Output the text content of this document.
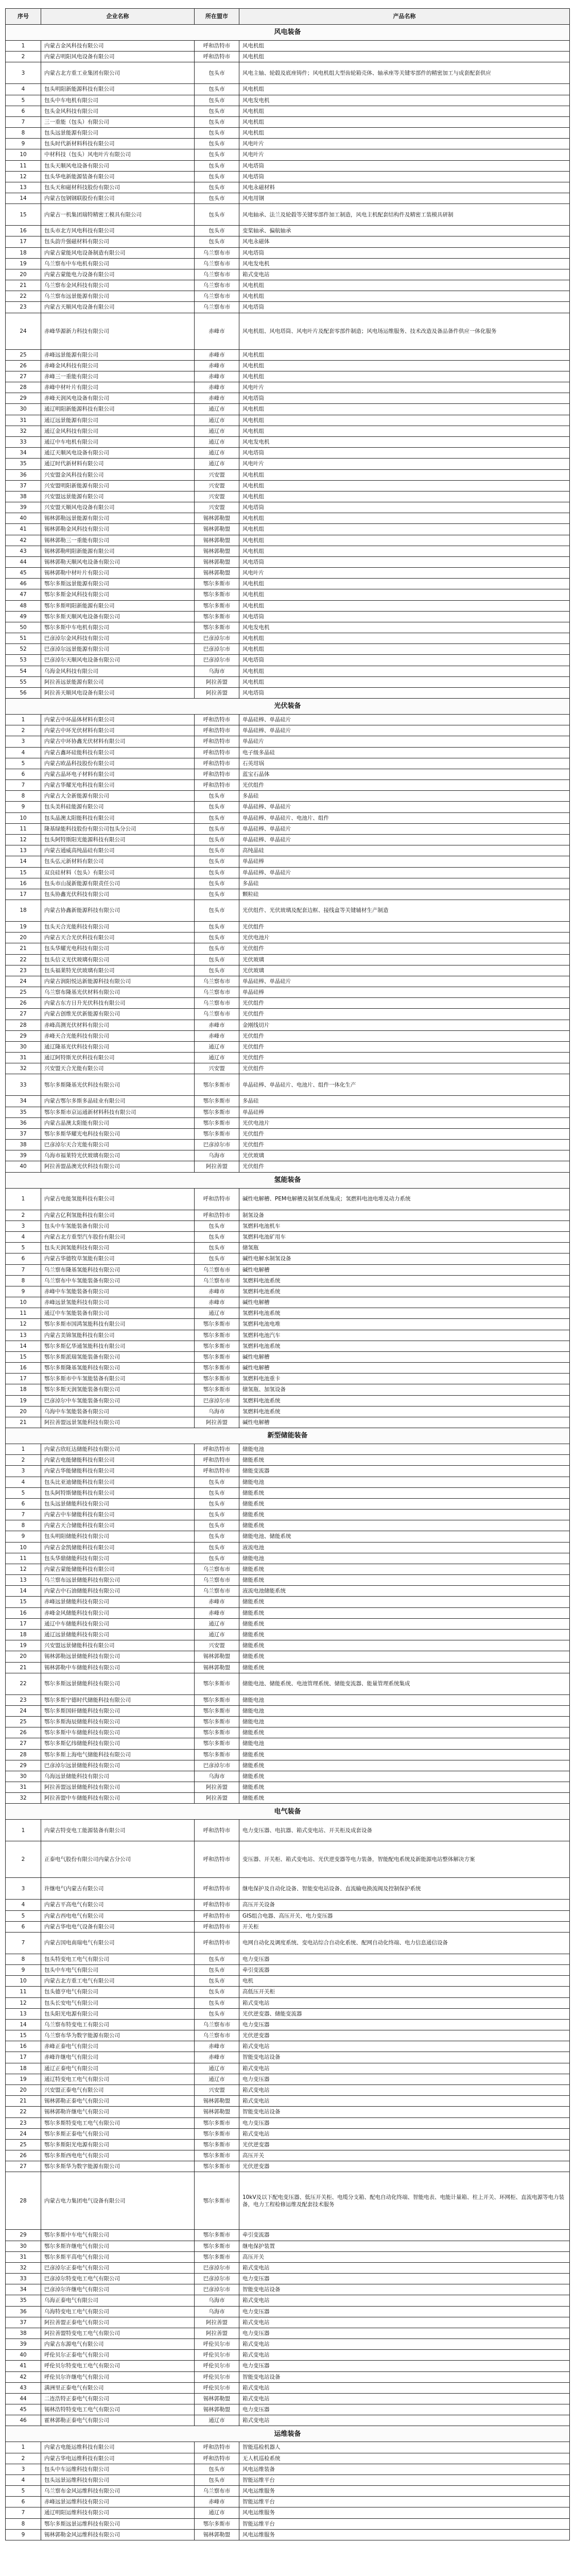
序号	企业名称	所在盟市	产品名称
风电装备			
1	内蒙古金风科技有限公司	呼和浩特市	风电机组
2	内蒙古明阳风电设备有限公司	呼和浩特市	风电机组
3	内蒙古北方重工业集团有限公司	包头市	风电主轴、轮毂及底座铸件；风电机组大型齿轮箱壳体、轴承座等关键零部件的精密加工与成套配套供应
4	包头明阳新能源科技有限公司	包头市	风电机组
5	包头中车电机有限公司	包头市	风电发电机
6	包头金风科技有限公司	包头市	风电机组
7	三一重能（包头）有限公司	包头市	风电机组
8	包头远景能源有限公司	包头市	风电机组
9	包头时代新材料科技有限公司	包头市	风电叶片
10	中材科技（包头）风电叶片有限公司	包头市	风电叶片
11	包头天顺风电设备有限公司	包头市	风电塔筒
12	包头华电新能源装备有限公司	包头市	风电塔筒
13	包头天和磁材科技股份有限公司	包头市	风电永磁材料
14	内蒙古包钢钢联股份有限公司	包头市	风电用钢
15	内蒙古一机集团瑞特精密工模具有限公司	包头市	风电轴承、法兰及轮毂等关键零部件加工制造，风电主机配套结构件及精密工装模具研制
16	包头市北方风电科技有限公司	包头市	变桨轴承、偏航轴承
17	包头韵升强磁材料有限公司	包头市	风电永磁体
18	内蒙古蒙能风电设备制造有限公司	乌兰察布市	风电塔筒
19	乌兰察布中车电机有限公司	乌兰察布市	风电发电机
20	内蒙古蒙能电力设备有限公司	乌兰察布市	箱式变电站
21	乌兰察布金风科技有限公司	乌兰察布市	风电机组
22	乌兰察布远景能源有限公司	乌兰察布市	风电机组
23	内蒙古天顺风电设备有限公司	乌兰察布市	风电塔筒
24	赤峰华源新力科技有限公司	赤峰市	风电机组、风电塔筒、风电叶片及配套零部件制造；风电场运维服务、技术改造及备品备件供应一体化服务
25	赤峰远景能源有限公司	赤峰市	风电机组
26	赤峰金风科技有限公司	赤峰市	风电机组
27	赤峰三一重能有限公司	赤峰市	风电机组
28	赤峰中材叶片有限公司	赤峰市	风电叶片
29	赤峰天润风电设备有限公司	赤峰市	风电塔筒
30	通辽明阳新能源科技有限公司	通辽市	风电机组
31	通辽远景能源有限公司	通辽市	风电机组
32	通辽金风科技有限公司	通辽市	风电机组
33	通辽中车电机有限公司	通辽市	风电发电机
34	通辽天顺风电设备有限公司	通辽市	风电塔筒
35	通辽时代新材料有限公司	通辽市	风电叶片
36	兴安盟金风科技有限公司	兴安盟	风电机组
37	兴安盟明阳新能源有限公司	兴安盟	风电机组
38	兴安盟远景能源有限公司	兴安盟	风电机组
39	兴安盟天顺风电设备有限公司	兴安盟	风电塔筒
40	锡林郭勒远景能源有限公司	锡林郭勒盟	风电机组
41	锡林郭勒金风科技有限公司	锡林郭勒盟	风电机组
42	锡林郭勒三一重能有限公司	锡林郭勒盟	风电机组
43	锡林郭勒明阳新能源有限公司	锡林郭勒盟	风电机组
44	锡林郭勒天顺风电设备有限公司	锡林郭勒盟	风电塔筒
45	锡林郭勒中材叶片有限公司	锡林郭勒盟	风电叶片
46	鄂尔多斯远景能源有限公司	鄂尔多斯市	风电机组
47	鄂尔多斯金风科技有限公司	鄂尔多斯市	风电机组
48	鄂尔多斯明阳新能源有限公司	鄂尔多斯市	风电机组
49	鄂尔多斯天顺风电设备有限公司	鄂尔多斯市	风电塔筒
50	鄂尔多斯中车电机有限公司	鄂尔多斯市	风电发电机
51	巴彦淖尔金风科技有限公司	巴彦淖尔市	风电机组
52	巴彦淖尔远景能源有限公司	巴彦淖尔市	风电机组
53	巴彦淖尔天顺风电设备有限公司	巴彦淖尔市	风电塔筒
54	乌海金风科技有限公司	乌海市	风电机组
55	阿拉善远景能源有限公司	阿拉善盟	风电机组
56	阿拉善天顺风电设备有限公司	阿拉善盟	风电塔筒
光伏装备			
1	内蒙古中环晶体材料有限公司	呼和浩特市	单晶硅棒、单晶硅片
2	内蒙古中环光伏材料有限公司	呼和浩特市	单晶硅棒、单晶硅片
3	内蒙古中环协鑫光伏材料有限公司	呼和浩特市	单晶硅片
4	内蒙古鑫环硅能科技有限公司	呼和浩特市	电子级多晶硅
5	内蒙古欧晶科技股份有限公司	呼和浩特市	石英坩埚
6	内蒙古晶环电子材料有限公司	呼和浩特市	蓝宝石晶体
7	内蒙古华耀光电科技有限公司	呼和浩特市	光伏组件
8	内蒙古大全新能源有限公司	包头市	多晶硅
9	包头美科硅能源有限公司	包头市	单晶硅棒、单晶硅片
10	包头晶澳太阳能科技有限公司	包头市	单晶硅棒、单晶硅片、电池片、组件
11	隆基绿能科技股份有限公司包头分公司	包头市	单晶硅棒、单晶硅片
12	包头阿特斯阳光能源科技有限公司	包头市	单晶硅棒、单晶硅片
13	内蒙古通威高纯晶硅有限公司	包头市	高纯晶硅
14	包头弘元新材料有限公司	包头市	单晶硅棒
15	双良硅材料（包头）有限公司	包头市	单晶硅棒、单晶硅片
16	包头市山晟新能源有限责任公司	包头市	多晶硅
17	包头协鑫光伏科技有限公司	包头市	颗粒硅
18	内蒙古协鑫新能源科技有限公司	包头市	光伏组件、光伏玻璃及配套边框、接线盒等关键辅材生产制造
19	包头天合光能科技有限公司	包头市	光伏组件
20	内蒙古天合光伏科技有限公司	包头市	光伏电池片
21	包头华耀光电科技有限公司	包头市	光伏组件
22	包头信义光伏玻璃有限公司	包头市	光伏玻璃
23	包头福莱特光伏玻璃有限公司	包头市	光伏玻璃
24	内蒙古润阳悦达新能源科技有限公司	乌兰察布市	单晶硅棒、单晶硅片
25	乌兰察布隆基光伏材料有限公司	乌兰察布市	单晶硅棒
26	内蒙古东方日升光伏科技有限公司	乌兰察布市	光伏组件
27	内蒙古创维光伏新能源有限公司	乌兰察布市	光伏组件
28	赤峰高测光伏材料有限公司	赤峰市	金刚线切片
29	赤峰天合光能科技有限公司	赤峰市	光伏组件
30	通辽隆基光伏科技有限公司	通辽市	光伏组件
31	通辽阿特斯光伏科技有限公司	通辽市	光伏组件
32	兴安盟天合光能有限公司	兴安盟	光伏组件
33	鄂尔多斯隆基光伏科技有限公司	鄂尔多斯市	单晶硅棒、单晶硅片、电池片、组件一体化生产
34	内蒙古鄂尔多斯多晶硅业有限公司	鄂尔多斯市	多晶硅
35	鄂尔多斯市京运通新材料科技有限公司	鄂尔多斯市	单晶硅棒
36	内蒙古晶澳太阳能有限公司	鄂尔多斯市	光伏电池片
37	鄂尔多斯华耀光电科技有限公司	鄂尔多斯市	光伏组件
38	巴彦淖尔天合光能有限公司	巴彦淖尔市	光伏组件
39	乌海市福莱特光伏玻璃有限公司	乌海市	光伏玻璃
40	阿拉善盟晶澳光伏科技有限公司	阿拉善盟	光伏组件
氢能装备			
1	内蒙古电能氢能科技有限公司	呼和浩特市	碱性电解槽、PEM电解槽及制氢系统集成；氢燃料电池电堆及动力系统
2	内蒙古亿利氢能科技有限公司	呼和浩特市	制氢设备
3	包头中车氢能装备有限公司	包头市	氢燃料电池机车
4	内蒙古北方重型汽车股份有限公司	包头市	氢燃料电池矿用车
5	包头天润氢能科技有限公司	包头市	储氢瓶
6	内蒙古华德牧草氢能有限公司	包头市	碱性电解水制氢设备
7	乌兰察布隆基氢能科技有限公司	乌兰察布市	碱性电解槽
8	乌兰察布中车氢能装备有限公司	乌兰察布市	氢燃料电池系统
9	赤峰中车氢能装备有限公司	赤峰市	氢燃料电池系统
10	赤峰远景氢能科技有限公司	赤峰市	碱性电解槽
11	通辽中车氢能装备有限公司	通辽市	氢燃料电池系统
12	鄂尔多斯市国鸿氢能科技有限公司	鄂尔多斯市	氢燃料电池电堆
13	内蒙古美锦氢能科技有限公司	鄂尔多斯市	氢燃料电池汽车
14	鄂尔多斯亿华通氢能科技有限公司	鄂尔多斯市	氢燃料电池系统
15	鄂尔多斯派瑞氢能装备有限公司	鄂尔多斯市	碱性电解槽
16	鄂尔多斯隆基氢能科技有限公司	鄂尔多斯市	碱性电解槽
17	鄂尔多斯市中车氢能装备有限公司	鄂尔多斯市	氢燃料电池重卡
18	鄂尔多斯天润氢能装备有限公司	鄂尔多斯市	储氢瓶、加氢设备
19	巴彦淖尔中车氢能装备有限公司	巴彦淖尔市	氢燃料电池系统
20	乌海中车氢能装备有限公司	乌海市	氢燃料电池系统
21	阿拉善盟远景氢能科技有限公司	阿拉善盟	碱性电解槽
新型储能装备			
1	内蒙古欣旺达储能科技有限公司	呼和浩特市	储能电池
2	内蒙古电能储能科技有限公司	呼和浩特市	储能系统
3	内蒙古华能储能科技有限公司	呼和浩特市	储能变流器
4	包头比亚迪储能科技有限公司	包头市	储能电池
5	包头阿特斯储能科技有限公司	包头市	储能系统
6	包头远景储能科技有限公司	包头市	储能系统
7	内蒙古中车储能科技有限公司	包头市	储能系统
8	内蒙古天合储能科技有限公司	包头市	储能系统
9	包头明阳储能科技有限公司	包头市	储能电池、储能系统
10	内蒙古金凯储能科技有限公司	包头市	液流电池
11	包头华鼎储能科技有限公司	包头市	储能电池
12	内蒙古蒙能储能科技有限公司	乌兰察布市	储能系统
13	乌兰察布远景储能科技有限公司	乌兰察布市	储能系统
14	内蒙古中石油储能科技有限公司	乌兰察布市	液流电池储能系统
15	赤峰远景储能科技有限公司	赤峰市	储能系统
16	赤峰金风储能科技有限公司	赤峰市	储能系统
17	通辽中车储能科技有限公司	通辽市	储能系统
18	通辽远景储能科技有限公司	通辽市	储能系统
19	兴安盟远景储能科技有限公司	兴安盟	储能系统
20	锡林郭勒远景储能科技有限公司	锡林郭勒盟	储能系统
21	锡林郭勒中车储能科技有限公司	锡林郭勒盟	储能系统
22	鄂尔多斯远景储能科技有限公司	鄂尔多斯市	储能电池、储能系统、电池管理系统、储能变流器、能量管理系统集成
23	鄂尔多斯宁德时代储能科技有限公司	鄂尔多斯市	储能电池
24	鄂尔多斯国轩储能科技有限公司	鄂尔多斯市	储能电池
25	鄂尔多斯海辰储能科技有限公司	鄂尔多斯市	储能电池
26	鄂尔多斯中车储能科技有限公司	鄂尔多斯市	储能系统
27	鄂尔多斯亿纬储能科技有限公司	鄂尔多斯市	储能电池
28	鄂尔多斯上海电气储能科技有限公司	鄂尔多斯市	储能系统
29	巴彦淖尔远景储能科技有限公司	巴彦淖尔市	储能系统
30	乌海远景储能科技有限公司	乌海市	储能系统
31	阿拉善盟远景储能科技有限公司	阿拉善盟	储能系统
32	阿拉善盟中车储能科技有限公司	阿拉善盟	储能系统
电气装备			
1	内蒙古特变电工能源装备有限公司	呼和浩特市	电力变压器、电抗器、箱式变电站、开关柜及成套设备
2	正泰电气股份有限公司内蒙古分公司	呼和浩特市	变压器、开关柜、箱式变电站、光伏逆变器等电力装备，智能配电系统及新能源电站整体解决方案
3	许继电气内蒙古有限公司	呼和浩特市	继电保护及自动化设备、智能变电站设备、直流输电换流阀及控制保护系统
4	内蒙古平高电气有限公司	呼和浩特市	高压开关设备
5	内蒙古西电电气有限公司	呼和浩特市	GIS组合电器、高压开关、电力变压器
6	内蒙古华电电气设备有限公司	呼和浩特市	开关柜
7	内蒙古国电南瑞电气有限公司	呼和浩特市	电网自动化及调度系统、变电站综合自动化系统、配网自动化终端、电力信息通信设备
8	包头特变电工电气有限公司	包头市	电力变压器
9	包头中车电气有限公司	包头市	牵引变流器
10	内蒙古北方重工电气有限公司	包头市	电机
11	包头德亨电气有限公司	包头市	高低压开关柜
12	包头长安电气有限公司	包头市	箱式变电站
13	包头阳光电源有限公司	包头市	光伏逆变器、储能变流器
14	乌兰察布特变电工有限公司	乌兰察布市	电力变压器
15	乌兰察布华为数字能源有限公司	乌兰察布市	光伏逆变器
16	赤峰正泰电气有限公司	赤峰市	箱式变电站
17	赤峰许继电气有限公司	赤峰市	智能变电站设备
18	通辽正泰电气有限公司	通辽市	箱式变电站
19	通辽特变电工电气有限公司	通辽市	电力变压器
20	兴安盟正泰电气有限公司	兴安盟	箱式变电站
21	锡林郭勒正泰电气有限公司	锡林郭勒盟	箱式变电站
22	锡林郭勒许继电气有限公司	锡林郭勒盟	智能变电站设备
23	鄂尔多斯特变电工电气有限公司	鄂尔多斯市	电力变压器
24	鄂尔多斯正泰电气有限公司	鄂尔多斯市	箱式变电站
25	鄂尔多斯阳光电源有限公司	鄂尔多斯市	光伏逆变器
26	鄂尔多斯西电电气有限公司	鄂尔多斯市	高压开关
27	鄂尔多斯华为数字能源有限公司	鄂尔多斯市	光伏逆变器
28	内蒙古电力集团电气设备有限公司	鄂尔多斯市	10kV及以下配电变压器、低压开关柜、电缆分支箱、配电自动化终端、智能电表、电能计量箱、柱上开关、环网柜、直流电源等电力装备，电力工程检修运维及配套技术服务
29	鄂尔多斯中车电气有限公司	鄂尔多斯市	牵引变流器
30	鄂尔多斯许继电气有限公司	鄂尔多斯市	继电保护装置
31	鄂尔多斯平高电气有限公司	鄂尔多斯市	高压开关
32	巴彦淖尔正泰电气有限公司	巴彦淖尔市	箱式变电站
33	巴彦淖尔特变电工电气有限公司	巴彦淖尔市	电力变压器
34	巴彦淖尔许继电气有限公司	巴彦淖尔市	智能变电站设备
35	乌海正泰电气有限公司	乌海市	箱式变电站
36	乌海特变电工电气有限公司	乌海市	电力变压器
37	阿拉善盟正泰电气有限公司	阿拉善盟	箱式变电站
38	阿拉善盟特变电工电气有限公司	阿拉善盟	电力变压器
39	内蒙古东源电气有限公司	呼伦贝尔市	箱式变电站
40	呼伦贝尔正泰电气有限公司	呼伦贝尔市	箱式变电站
41	呼伦贝尔特变电工电气有限公司	呼伦贝尔市	电力变压器
42	呼伦贝尔许继电气有限公司	呼伦贝尔市	智能变电站设备
43	满洲里正泰电气有限公司	呼伦贝尔市	箱式变电站
44	二连浩特正泰电气有限公司	锡林郭勒盟	箱式变电站
45	锡林浩特特变电工电气有限公司	锡林郭勒盟	电力变压器
46	霍林郭勒正泰电气有限公司	通辽市	箱式变电站
运维装备			
1	内蒙古电能运维科技有限公司	呼和浩特市	智能巡检机器人
2	内蒙古华电运维科技有限公司	呼和浩特市	无人机巡检系统
3	包头中车运维科技有限公司	包头市	风电运维装备
4	包头远景运维科技有限公司	包头市	智能运维平台
5	乌兰察布金风运维科技有限公司	乌兰察布市	风电运维服务
6	赤峰远景运维科技有限公司	赤峰市	智能运维平台
7	通辽明阳运维科技有限公司	通辽市	风电运维服务
8	鄂尔多斯远景运维科技有限公司	鄂尔多斯市	智能运维平台
9	锡林郭勒金风运维科技有限公司	锡林郭勒盟	风电运维服务
